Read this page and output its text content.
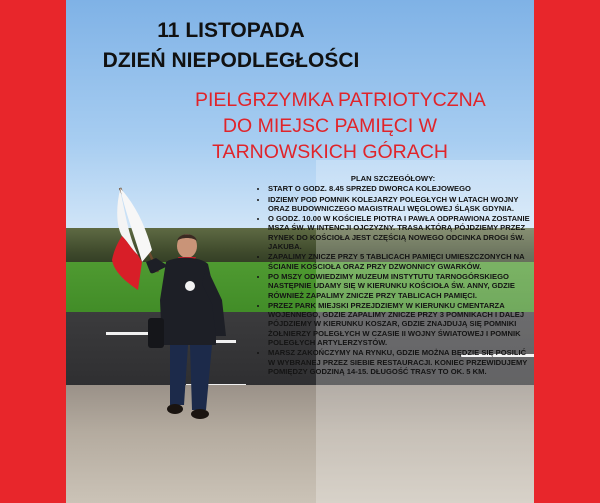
11 LISTOPADA
DZIEŃ NIEPODLEGŁOŚCI
PIELGRZYMKA PATRIOTYCZNA
DO MIEJSC PAMIĘCI W
TARNOWSKICH GÓRACH
PLAN SZCZEGÓŁOWY:
• START O GODZ. 8.45 SPRZED DWORCA KOLEJOWEGO
• IDZIEMY POD POMNIK KOLEJARZY POLEGŁYCH W LATACH WOJNY ORAZ BUDOWNICZEGO MAGISTRALI WĘGLOWEJ ŚLĄSK GDYNIA.
• O GODZ. 10.00 W KOŚCIELE PIOTRA I PAWŁA ODPRAWIONA ZOSTANIE MSZA ŚW. W INTENCJI OJCZYZNY. TRASA KTÓRĄ PÓJDZIEMY PRZEZ RYNEK DO KOŚCIOŁA JEST CZĘŚCIĄ NOWEGO ODCINKA DROGI ŚW. JAKUBA.
• ZAPALIMY ZNICZE PRZY 5 TABLICACH PAMIĘCI UMIESZCZONYCH NA ŚCIANIE KOŚCIOŁA ORAZ PRZY DZWONNICY GWARKÓW.
• PO MSZY ODWIEDZIMY MUZEUM INSTYTUTU TARNOGÓRSKIEGO NASTĘPNIE UDAMY SIĘ W KIERUNKU KOŚCIOŁA ŚW. ANNY, GDZIE RÓWNIEŻ ZAPALIMY ZNICZE PRZY TABLICACH PAMIĘCI.
• PRZEZ PARK MIEJSKI PRZEJDZIEMY W KIERUNKU CMENTARZA WOJENNEGO, GDZIE ZAPALIMY ZNICZE PRZY 3 POMNIKACH I DALEJ PÓJDZIEMY W KIERUNKU KOSZAR, GDZIE ZNAJDUJĄ SIĘ POMNIKI ŻOŁNIERZY POLEGŁYCH W CZASIE II WOJNY ŚWIATOWEJ I POMNIK POLEGŁYCH ARTYLERZYSTÓW.
• MARSZ ZAKOŃCZYMY NA RYNKU, GDZIE MOŻNA BĘDZIE SIĘ POSILIĆ W WYBRANEJ PRZEZ SIEBIE RESTAURACJI. KONIEC PRZEWIDUJEMY POMIĘDZY GODZINĄ 14-15. DŁUGOŚĆ TRASY TO OK. 5 KM.
